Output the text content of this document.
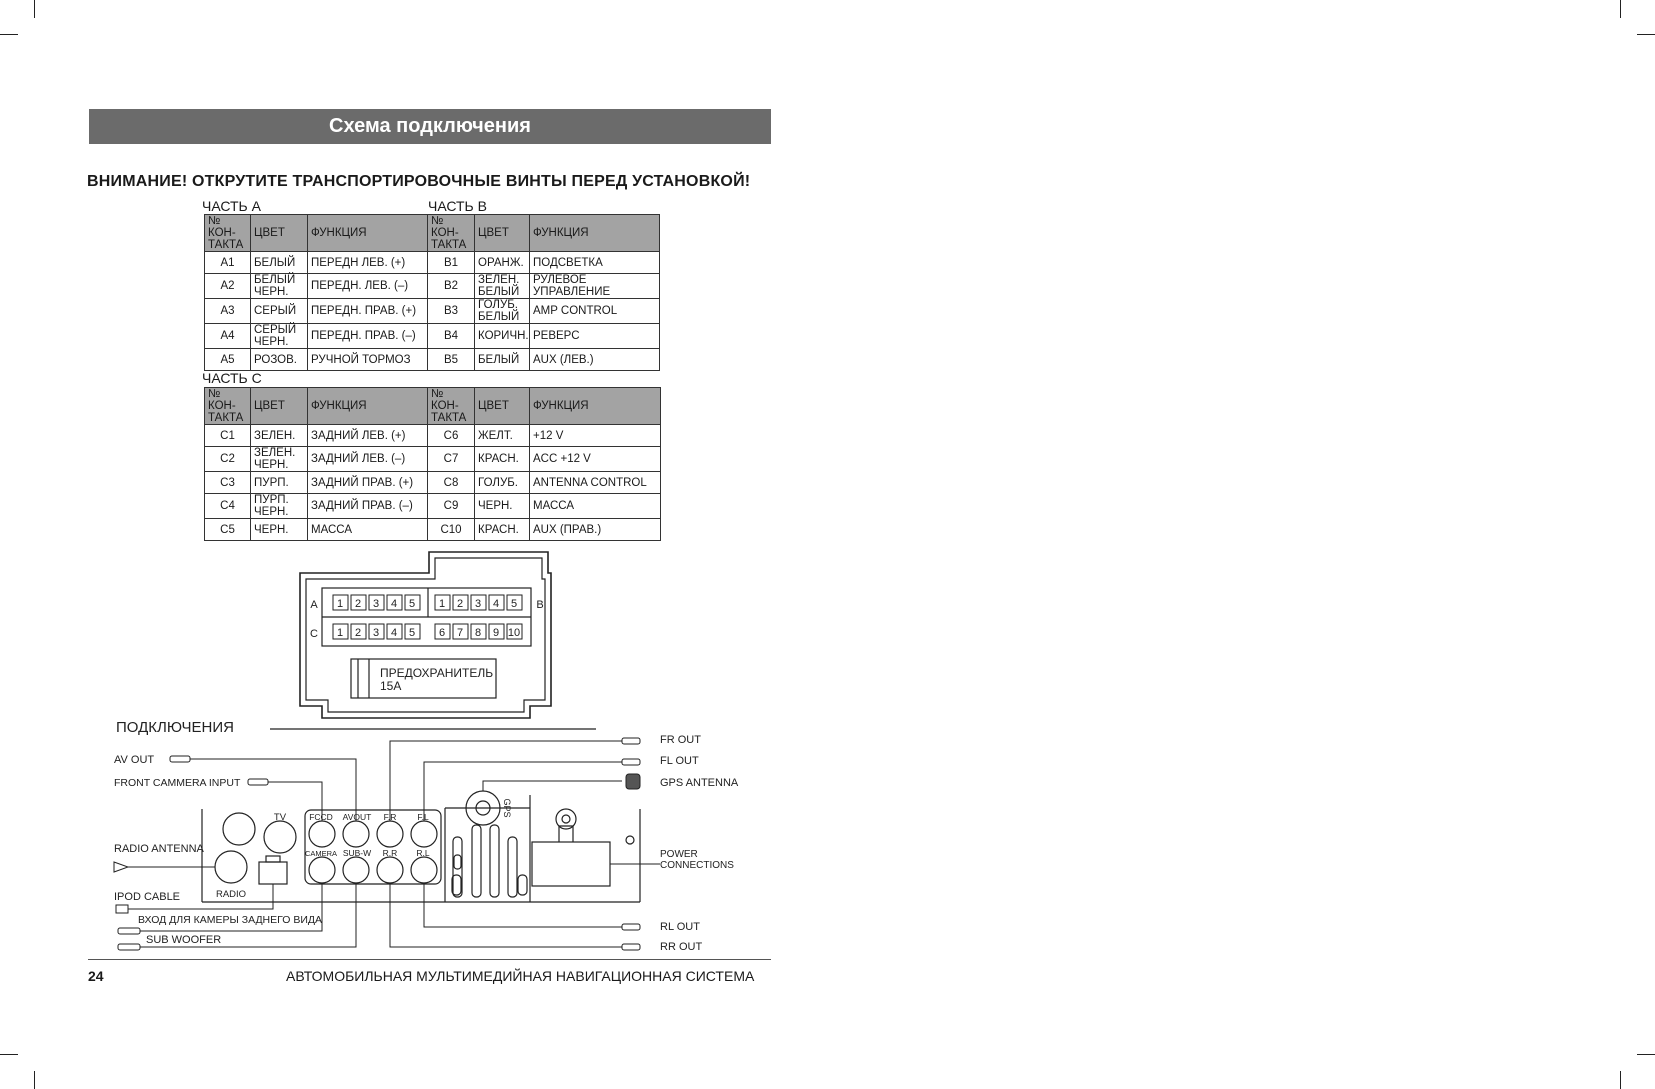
Схема подключения
ВНИМАНИЕ! ОТКРУТИТЕ ТРАНСПОРТИРОВОЧНЫЕ ВИНТЫ ПЕРЕД УСТАНОВКОЙ!
ЧАСТЬ А	ЧАСТЬ В
ЧАСТЬ С
№ КОН-ТАКТА	ЦВЕТ	ФУНКЦИЯ	№ КОН-ТАКТА	ЦВЕТ	ФУНКЦИЯ
A1	БЕЛЫЙ	ПЕРЕДН ЛЕВ. (+)	B1	ОРАНЖ.	ПОДСВЕТКА
A2	БЕЛЫЙ ЧЕРН.	ПЕРЕДН. ЛЕВ. (–)	B2	ЗЕЛЕН. БЕЛЫЙ	РУЛЕВОЕ УПРАВЛЕНИЕ
A3	СЕРЫЙ	ПЕРЕДН. ПРАВ. (+)	B3	ГОЛУБ. БЕЛЫЙ	AMP CONTROL
A4	СЕРЫЙ ЧЕРН.	ПЕРЕДН. ПРАВ. (–)	B4	КОРИЧН.	РЕВЕРС
A5	РОЗОВ.	РУЧНОЙ ТОРМОЗ	B5	БЕЛЫЙ	AUX (ЛЕВ.)
№ КОН-ТАКТА	ЦВЕТ	ФУНКЦИЯ	№ КОН-ТАКТА	ЦВЕТ	ФУНКЦИЯ
C1	ЗЕЛЕН.	ЗАДНИЙ ЛЕВ. (+)	C6	ЖЕЛТ.	+12 V
C2	ЗЕЛЕН. ЧЕРН.	ЗАДНИЙ ЛЕВ. (–)	C7	КРАСН.	ACC +12 V
C3	ПУРП.	ЗАДНИЙ ПРАВ. (+)	C8	ГОЛУБ.	ANTENNA CONTROL
C4	ПУРП. ЧЕРН.	ЗАДНИЙ ПРАВ. (–)	C9	ЧЕРН.	МАССА
C5	ЧЕРН.	МАССА	C10	КРАСН.	AUX (ПРАВ.)
A	B
C
1 2 3 4 5 1 2 3 4 5
1 2 3 4 5 6 7 8 9 10
ПРЕДОХРАНИТЕЛЬ
15A
ПОДКЛЮЧЕНИЯ
TV
RADIO
FCCD AVOUT F.R F.L
CAMERA SUB-W R.R R.L
GPS
AV OUT
FRONT CAMMERA INPUT
RADIO ANTENNA
IPOD CABLE
ВХОД ДЛЯ КАМЕРЫ ЗАДНЕГО ВИДА
SUB WOOFER
FR OUT
FL OUT
GPS ANTENNA
POWER
CONNECTIONS
RL OUT
RR OUT
24	АВТОМОБИЛЬНАЯ МУЛЬТИМЕДИЙНАЯ НАВИГАЦИОННАЯ СИСТЕМА
